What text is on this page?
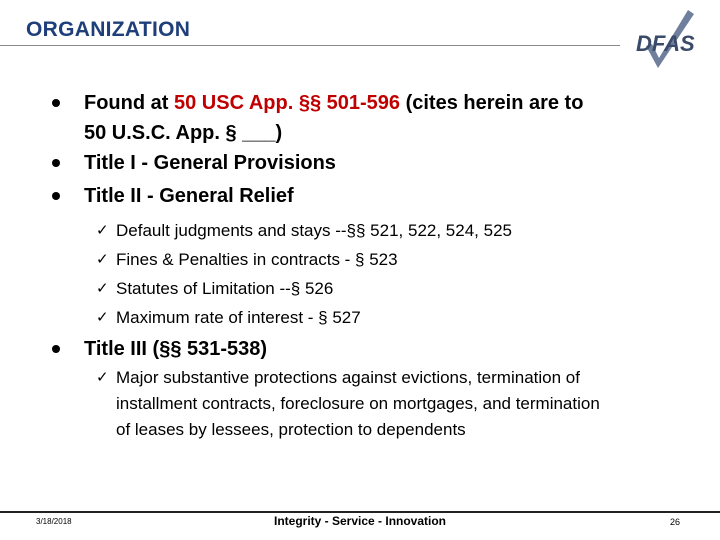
ORGANIZATION
DFAS
Found at 50 USC App. §§ 501-596 (cites herein are to
50 U.S.C. App. § ___)
Title I - General Provisions
Title II - General Relief
✓ Default judgments and stays --§§ 521, 522, 524, 525
✓ Fines & Penalties in contracts - § 523
✓ Statutes of Limitation --§ 526
✓ Maximum rate of interest - § 527
Title III (§§ 531-538)
✓ Major substantive protections against evictions, termination of
installment contracts, foreclosure on mortgages, and termination
of leases by lessees, protection to dependents
3/18/2018	Integrity - Service - Innovation	26
